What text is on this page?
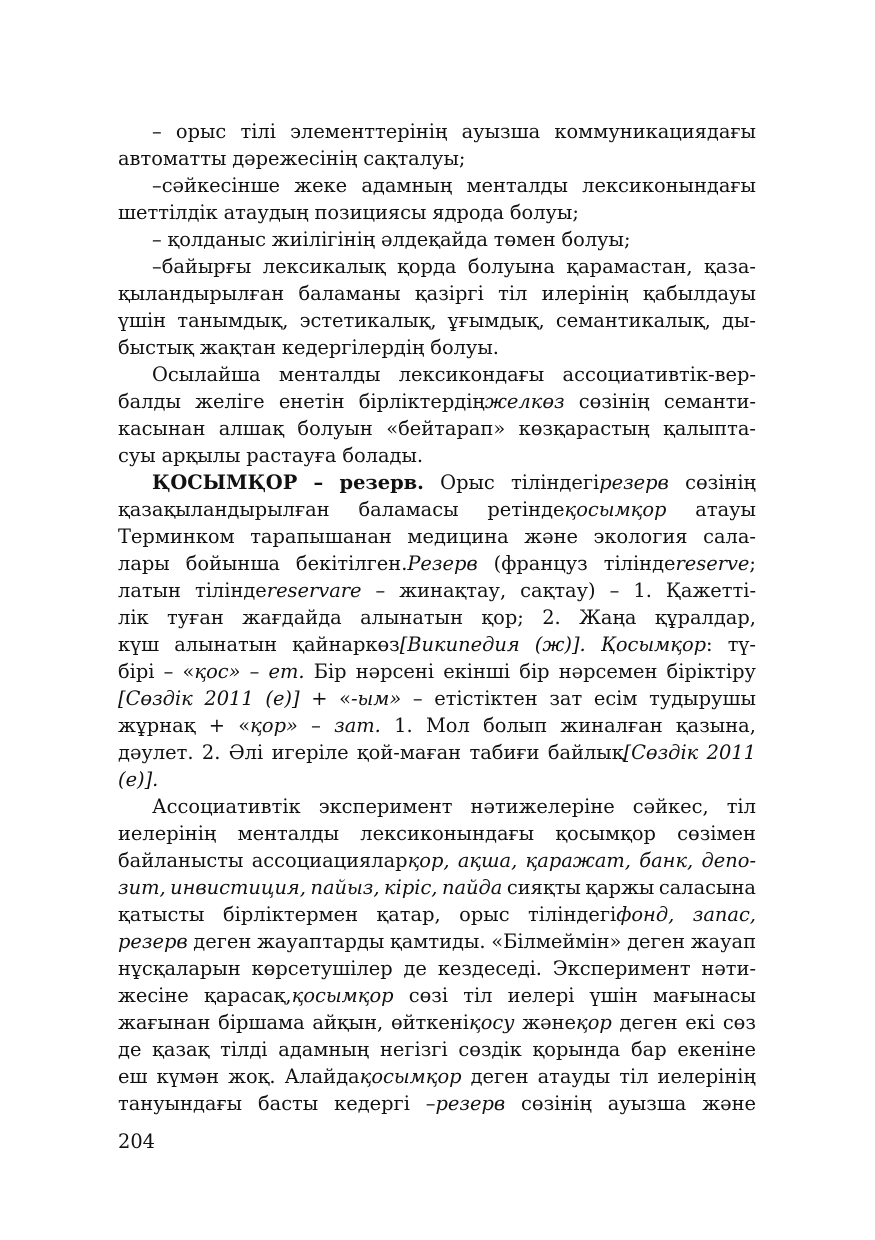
– орыс тілі элементтерінің ауызша коммуникациядағы
автоматты дәрежесінің сақталуы;
–сәйкесінше жеке адамның менталды лексиконындағы
шеттілдік атаудың позициясы ядрода болуы;
– қолданыс жиілігінің әлдеқайда төмен болуы;
–байырғы лексикалық қорда болуына қарамастан, қаза-
қыландырылған баламаны қазіргі тіл илерінің қабылдауы
үшін танымдық, эстетикалық, ұғымдық, семантикалық, ды-
быстық жақтан кедергілердің болуы.
Осылайша менталды лексикондағы ассоциативтік-вер-
балды желіге енетін бірліктердіңжелкөз сөзінің семанти-
касынан алшақ болуын «бейтарап» көзқарастың қалыпта-
суы арқылы растауға болады.
ҚОСЫМҚОР – резерв. Орыс тіліндегірезерв сөзінің
қазақыландырылған баламасы ретіндеқосымқор атауы
Терминком тарапышанан медицина және экология сала-
лары бойынша бекітілген.Резерв (француз тіліндеreserve;
латын тіліндеreservare – жинақтау, сақтау) – 1. Қажетті-
лік туған жағдайда алынатын қор; 2. Жаңа құралдар,
күш алынатын қайнаркөз[Википедия (ж)]. Қосымқор: тү-
бірі – «қос» – ет. Бір нәрсені екінші бір нәрсемен біріктіру
[Сөздік 2011 (е)] + «-ым» – етістіктен зат есім тудырушы
жұрнақ + «қор» – зат. 1. Мол болып жиналған қазына,
дәулет. 2. Әлі игеріле қой-маған табиғи байлық[Сөздік 2011
(е)].
Ассоциативтік эксперимент нәтижелеріне сәйкес, тіл
иелерінің менталды лексиконындағы қосымқор сөзімен
байланысты ассоциацияларқор, ақша, қаражат, банк, депо-
зит, инвистиция, пайыз, кіріс, пайда сияқты қаржы саласына
қатысты бірліктермен қатар, орыс тіліндегіфонд, запас,
резерв деген жауаптарды қамтиды. «Білмеймін» деген жауап
нұсқаларын көрсетушілер де кездеседі. Эксперимент нәти-
жесіне қарасақ,қосымқор сөзі тіл иелері үшін мағынасы
жағынан біршама айқын, өйткеніқосу жәнеқор деген екі сөз
де қазақ тілді адамның негізгі сөздік қорында бар екеніне
еш күмән жоқ. Алайдақосымқор деген атауды тіл иелерінің
тануындағы басты кедергі –резерв сөзінің ауызша және
204
